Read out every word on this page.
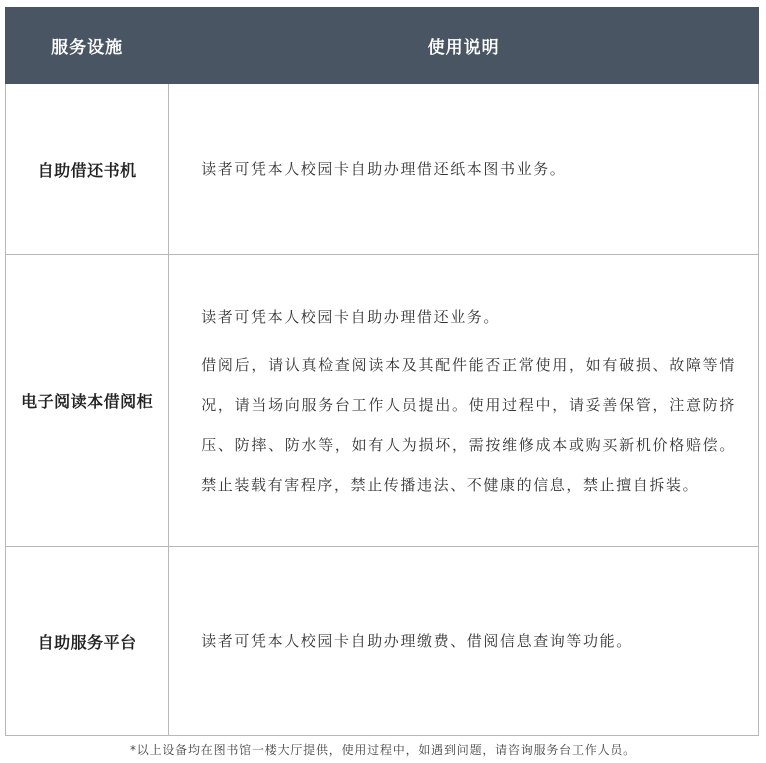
服务设施	使用说明
自助借还书机	读者可凭本人校园卡自助办理借还纸本图书业务。

电子阅读本借阅柜	读者可凭本人校园卡自助办理借还业务。
借阅后，请认真检查阅读本及其配件能否正常使用，如有破损、故障等情况，请当场向服务台工作人员提出。使用过程中，请妥善保管，注意防挤压、防摔、防水等，如有人为损坏，需按维修成本或购买新机价格赔偿。禁止装载有害程序，禁止传播违法、不健康的信息，禁止擅自拆装。

自助服务平台	读者可凭本人校园卡自助办理缴费、借阅信息查询等功能。
*以上设备均在图书馆一楼大厅提供，使用过程中，如遇到问题，请咨询服务台工作人员。
